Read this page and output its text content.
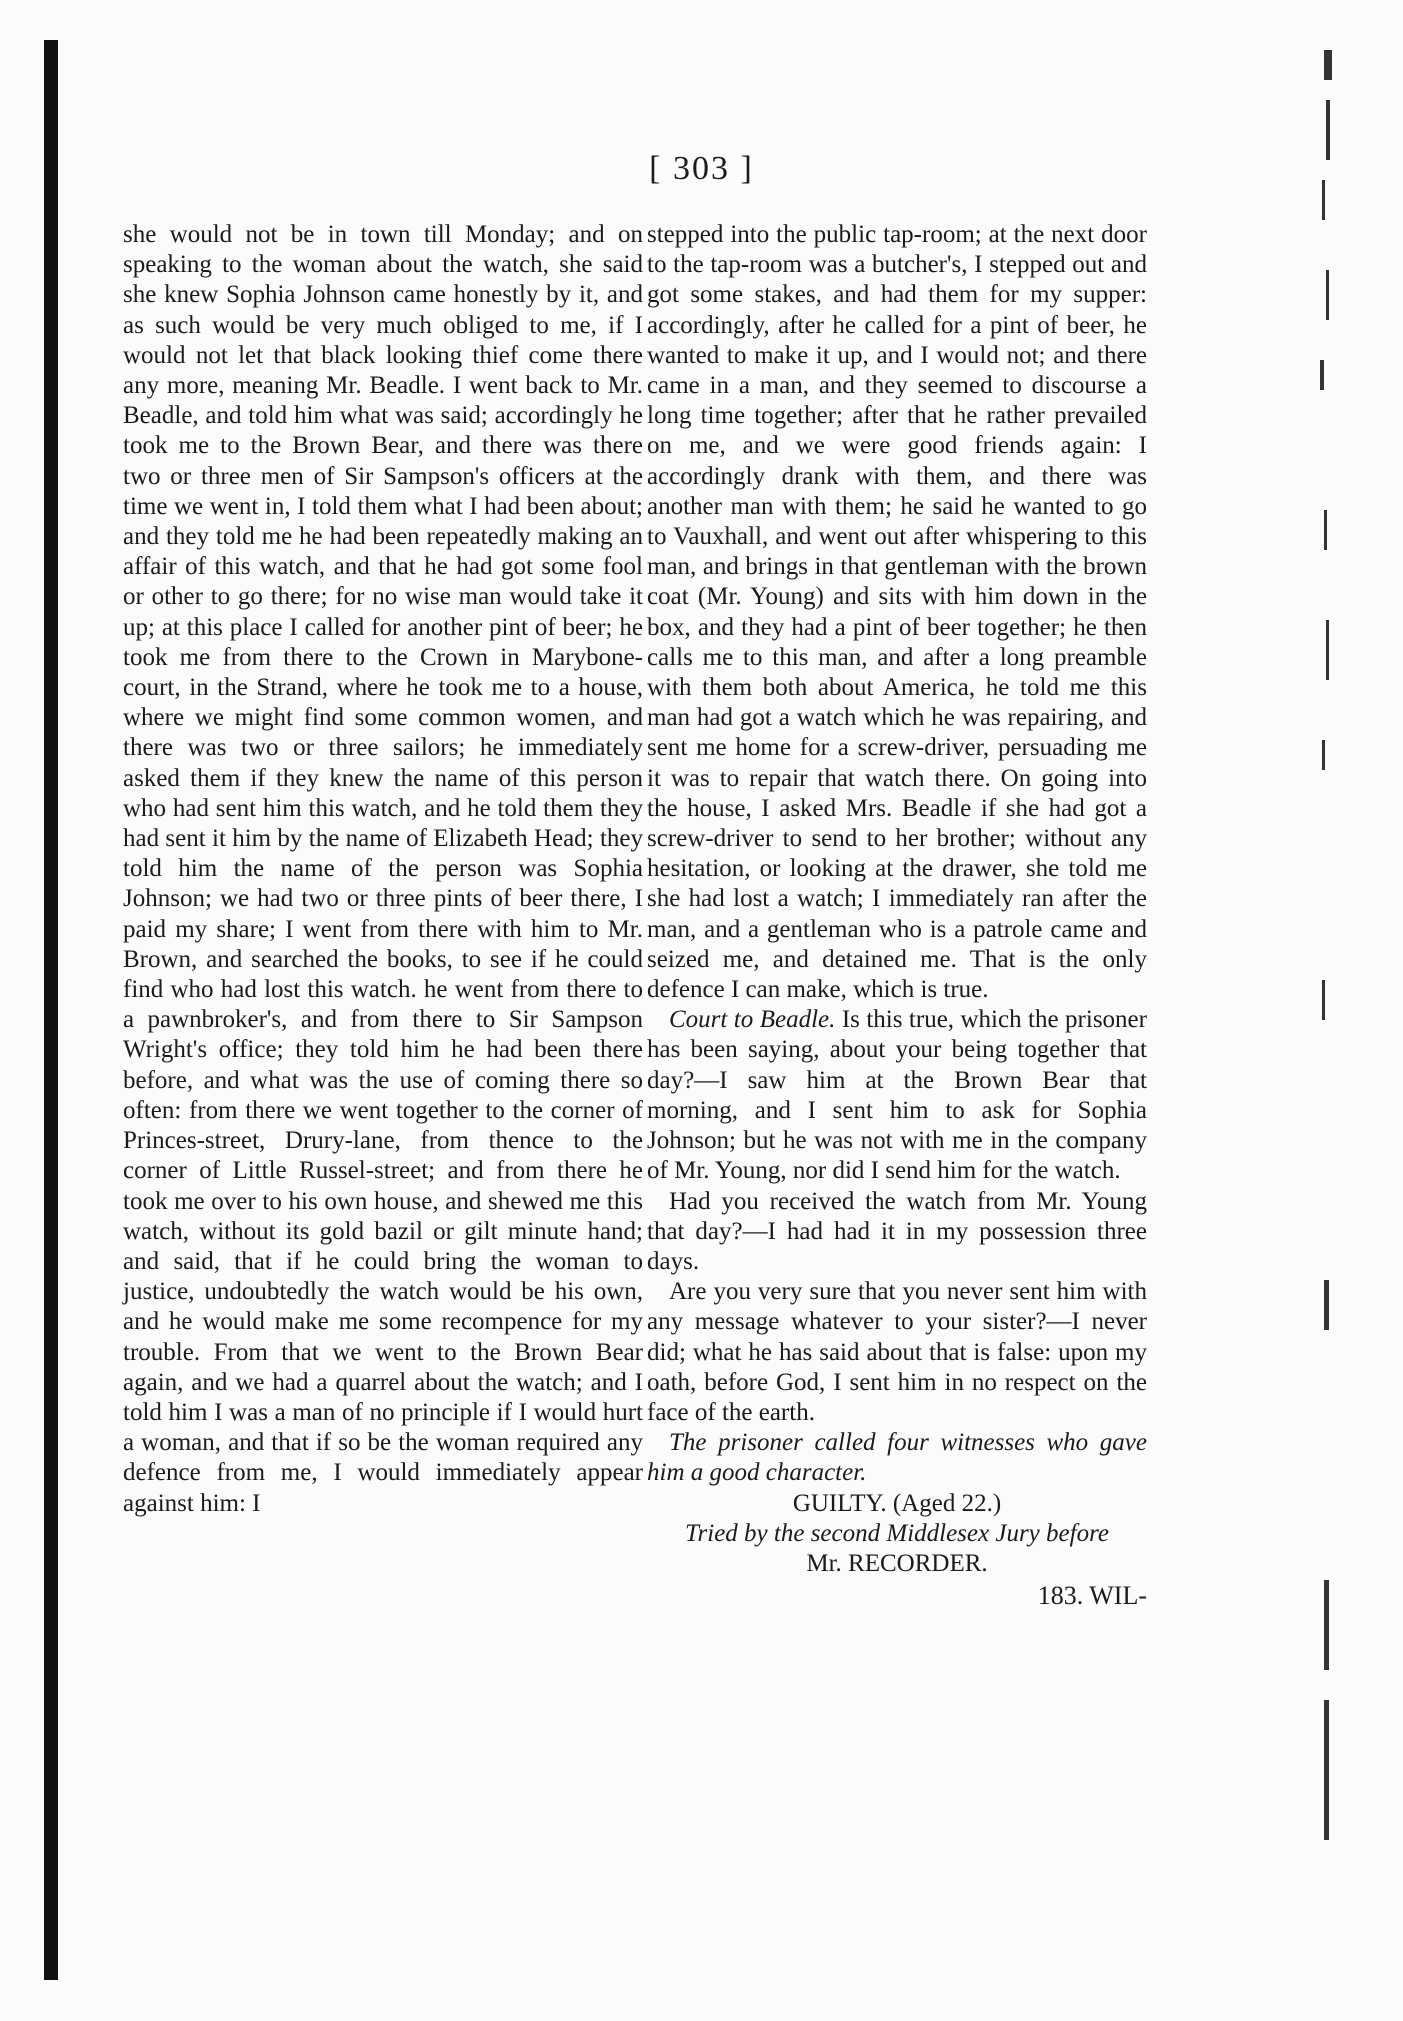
[ 303 ]

she would not be in town till Monday; and on speaking to the woman about the watch, she said she knew Sophia Johnson came honestly by it, and as such would be very much obliged to me, if I would not let that black looking thief come there any more, meaning Mr. Beadle. I went back to Mr. Beadle, and told him what was said; accordingly he took me to the Brown Bear, and there was there two or three men of Sir Sampson's officers at the time we went in, I told them what I had been about; and they told me he had been repeatedly making an affair of this watch, and that he had got some fool or other to go there; for no wise man would take it up; at this place I called for another pint of beer; he took me from there to the Crown in Marybone-court, in the Strand, where he took me to a house, where we might find some common women, and there was two or three sailors; he immediately asked them if they knew the name of this person who had sent him this watch, and he told them they had sent it him by the name of Elizabeth Head; they told him the name of the person was Sophia Johnson; we had two or three pints of beer there, I paid my share; I went from there with him to Mr. Brown, and searched the books, to see if he could find who had lost this watch. he went from there to a pawnbroker's, and from there to Sir Sampson Wright's office; they told him he had been there before, and what was the use of coming there so often: from there we went together to the corner of Princes-street, Drury-lane, from thence to the corner of Little Russel-street; and from there he took me over to his own house, and shewed me this watch, without its gold bazil or gilt minute hand; and said, that if he could bring the woman to justice, undoubtedly the watch would be his own, and he would make me some recompence for my trouble. From that we went to the Brown Bear again, and we had a quarrel about the watch; and I told him I was a man of no principle if I would hurt a woman, and that if so be the woman required any defence from me, I would immediately appear against him: I

stepped into the public tap-room; at the next door to the tap-room was a butcher's, I stepped out and got some stakes, and had them for my supper: accordingly, after he called for a pint of beer, he wanted to make it up, and I would not; and there came in a man, and they seemed to discourse a long time together; after that he rather prevailed on me, and we were good friends again: I accordingly drank with them, and there was another man with them; he said he wanted to go to Vauxhall, and went out after whispering to this man, and brings in that gentleman with the brown coat (Mr. Young) and sits with him down in the box, and they had a pint of beer together; he then calls me to this man, and after a long preamble with them both about America, he told me this man had got a watch which he was repairing, and sent me home for a screw-driver, persuading me it was to repair that watch there. On going into the house, I asked Mrs. Beadle if she had got a screw-driver to send to her brother; without any hesitation, or looking at the drawer, she told me she had lost a watch; I immediately ran after the man, and a gentleman who is a patrole came and seized me, and detained me. That is the only defence I can make, which is true.

Court to Beadle. Is this true, which the prisoner has been saying, about your being together that day?—I saw him at the Brown Bear that morning, and I sent him to ask for Sophia Johnson; but he was not with me in the company of Mr. Young, nor did I send him for the watch.

Had you received the watch from Mr. Young that day?—I had had it in my possession three days.

Are you very sure that you never sent him with any message whatever to your sister?—I never did; what he has said about that is false: upon my oath, before God, I sent him in no respect on the face of the earth.

The prisoner called four witnesses who gave him a good character.

GUILTY. (Aged 22.)

Tried by the second Middlesex Jury before

Mr. RECORDER.

183. WIL-
